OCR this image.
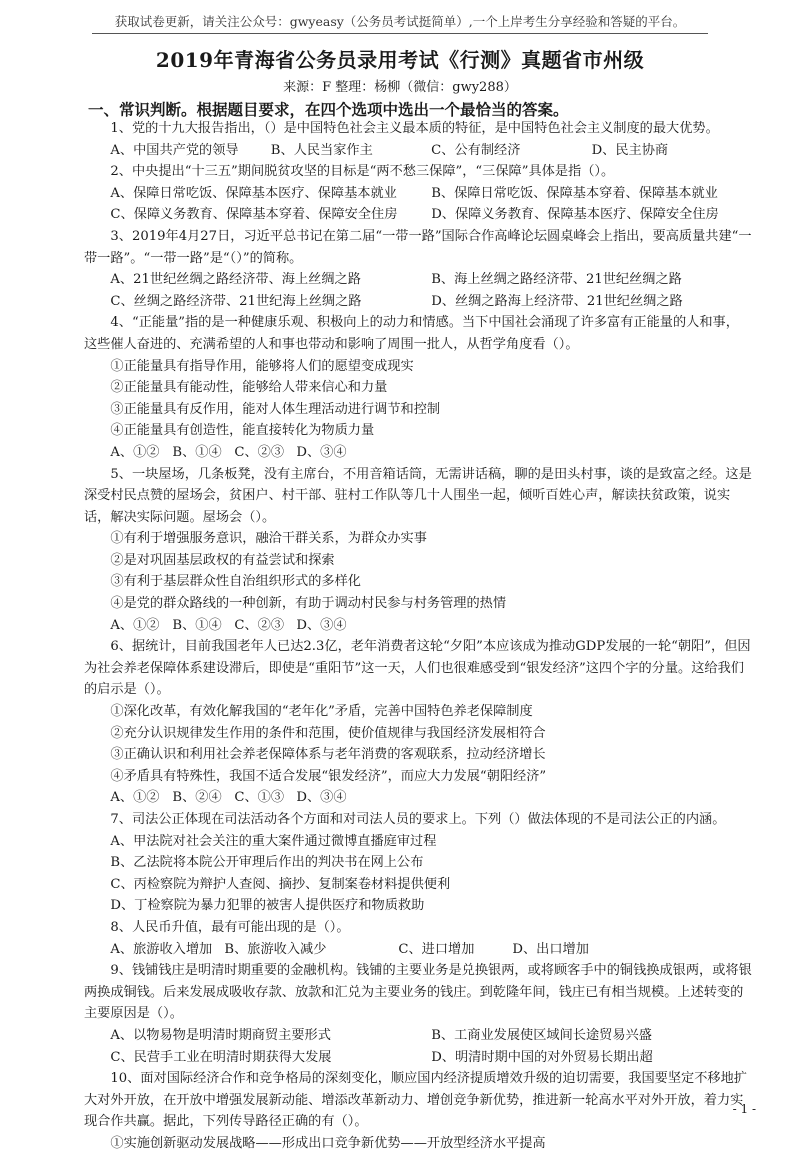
获取试卷更新，请关注公众号：gwyeasy（公务员考试挺简单）,一个上岸考生分享经验和答疑的平台。
2019年青海省公务员录用考试《行测》真题省市州级
来源：F 整理：杨柳（微信：gwy288）
一、常识判断。根据题目要求，在四个选项中选出一个最恰当的答案。
1、党的十九大报告指出，（）是中国特色社会主义最本质的特征，是中国特色社会主义制度的最大优势。
A、中国共产党的领导	B、人民当家作主	C、公有制经济	D、民主协商
2、中央提出“十三五”期间脱贫攻坚的目标是“两不愁三保障”，“三保障”具体是指（）。
A、保障日常吃饭、保障基本医疗、保障基本就业	B、保障日常吃饭、保障基本穿着、保障基本就业
C、保障义务教育、保障基本穿着、保障安全住房	D、保障义务教育、保障基本医疗、保障安全住房
3、2019年4月27日，习近平总书记在第二届“一带一路”国际合作高峰论坛圆桌峰会上指出，要高质量共建“一带一路”。“一带一路”是“（）”的简称。
A、21世纪丝绸之路经济带、海上丝绸之路	B、海上丝绸之路经济带、21世纪丝绸之路
C、丝绸之路经济带、21世纪海上丝绸之路	D、丝绸之路海上经济带、21世纪丝绸之路
4、“正能量”指的是一种健康乐观、积极向上的动力和情感。当下中国社会涌现了许多富有正能量的人和事，这些催人奋进的、充满希望的人和事也带动和影响了周围一批人，从哲学角度看（）。
①正能量具有指导作用，能够将人们的愿望变成现实
②正能量具有能动性，能够给人带来信心和力量
③正能量具有反作用，能对人体生理活动进行调节和控制
④正能量具有创造性，能直接转化为物质力量
A、①② B、①④ C、②③ D、③④
5、一块屋场，几条板凳，没有主席台，不用音箱话筒，无需讲话稿，聊的是田头村事，谈的是致富之经。这是深受村民点赞的屋场会，贫困户、村干部、驻村工作队等几十人围坐一起，倾听百姓心声，解读扶贫政策，说实话，解决实际问题。屋场会（）。
①有利于增强服务意识，融洽干群关系，为群众办实事
②是对巩固基层政权的有益尝试和探索
③有利于基层群众性自治组织形式的多样化
④是党的群众路线的一种创新，有助于调动村民参与村务管理的热情
A、①② B、①④ C、②③ D、③④
6、据统计，目前我国老年人已达2.3亿，老年消费者这轮“夕阳”本应该成为推动GDP发展的一轮“朝阳”，但因为社会养老保障体系建设滞后，即使是“重阳节”这一天，人们也很难感受到“银发经济”这四个字的分量。这给我们的启示是（）。
①深化改革，有效化解我国的“老年化”矛盾，完善中国特色养老保障制度
②充分认识规律发生作用的条件和范围，使价值规律与我国经济发展相符合
③正确认识和利用社会养老保障体系与老年消费的客观联系，拉动经济增长
④矛盾具有特殊性，我国不适合发展“银发经济”，而应大力发展“朝阳经济”
A、①② B、②④ C、①③ D、③④
7、司法公正体现在司法活动各个方面和对司法人员的要求上。下列（）做法体现的不是司法公正的内涵。
A、甲法院对社会关注的重大案件通过微博直播庭审过程
B、乙法院将本院公开审理后作出的判决书在网上公布
C、丙检察院为辩护人查阅、摘抄、复制案卷材料提供便利
D、丁检察院为暴力犯罪的被害人提供医疗和物质救助
8、人民币升值，最有可能出现的是（）。
A、旅游收入增加 B、旅游收入减少	C、进口增加	D、出口增加
9、钱铺钱庄是明清时期重要的金融机构。钱铺的主要业务是兑换银两，或将顾客手中的铜钱换成银两，或将银两换成铜钱。后来发展成吸收存款、放款和汇兑为主要业务的钱庄。到乾隆年间，钱庄已有相当规模。上述转变的主要原因是（）。
A、以物易物是明清时期商贸主要形式	B、工商业发展使区域间长途贸易兴盛
C、民营手工业在明清时期获得大发展	D、明清时期中国的对外贸易长期出超
10、面对国际经济合作和竞争格局的深刻变化，顺应国内经济提质增效升级的迫切需要，我国要坚定不移地扩大对外开放，在开放中增强发展新动能、增添改革新动力、增创竞争新优势，推进新一轮高水平对外开放，着力实现合作共赢。据此，下列传导路径正确的有（）。
①实施创新驱动发展战略——形成出口竞争新优势——开放型经济水平提高
- 1 -
